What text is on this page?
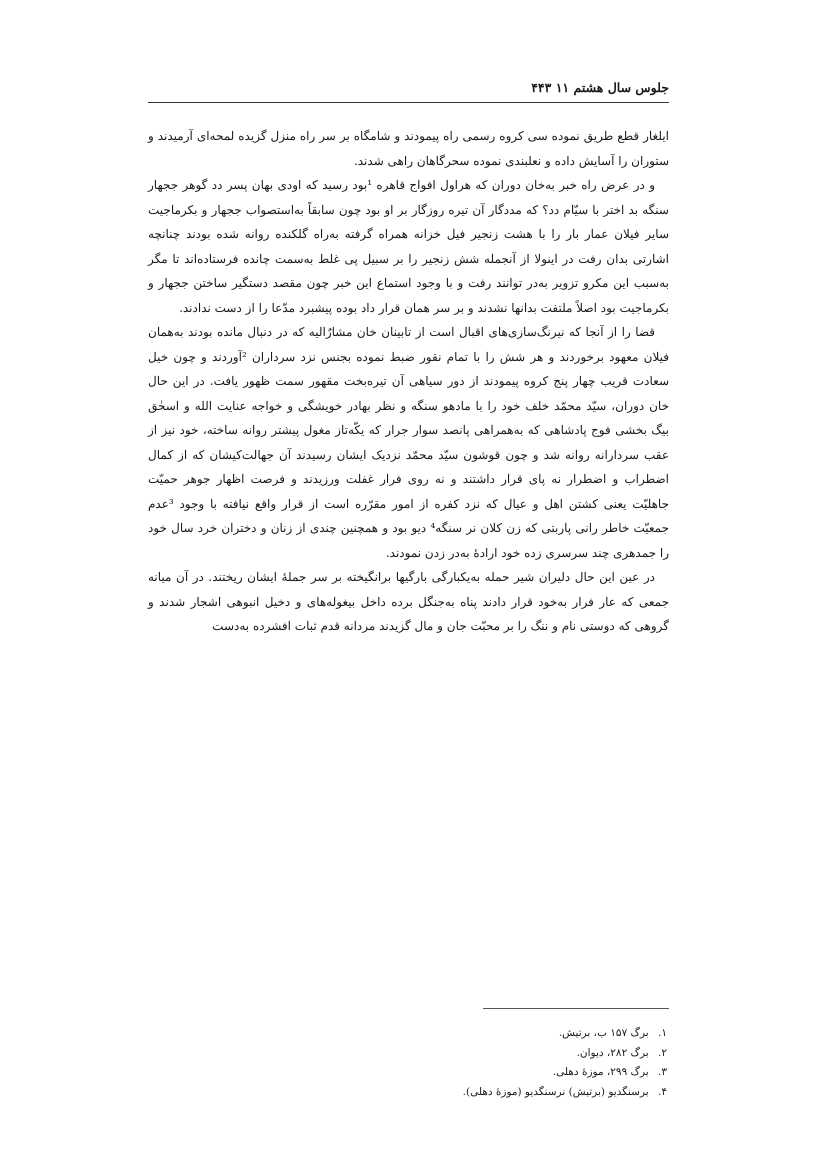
جلوس سال هشتم ۱۱ ۴۴۳

ایلغار قطع طریق نموده سی کروه رسمی راه پیمودند و شامگاه بر سر راه منزل گزیده لمحه‌ای آرمیدند و ستوران را آسایش داده و نعلبندی نموده سحرگاهان راهی شدند.

و در عرض راه خبر به‌خان دوران که هراول افواج قاهره ¹بود رسید که اودی بهان پسر دد گوهر ججهار سنگه بد اختر با سیّام دد؟ که مددگار آن تیره روزگار بر او بود چون سابقاً به‌استصواب ججهار و بکرماجیت سایر فیلان عمار بار را با هشت زنجیر فیل خزانه همراه گرفته به‌راه گلکنده روانه شده بودند چنانچه اشارتی بدان رفت در اینولا از آنجمله شش زنجیر را بر سبیل پی غلط به‌سمت چانده فرستاده‌اند تا مگر به‌سبب این مکرو تزویر به‌در توانند رفت و با وجود استماع این خبر چون مقصد دستگیر ساختن ججهار و بکرماجیت بود اصلاً ملتفت بدانها نشدند و بر سر همان قرار داد بوده پیشبرد مدّعا را از دست ندادند.

قضا را از آنجا که نیرنگ‌سازی‌های اقبال است از تابینان خان مشارٌالیه که در دنبال مانده بودند به‌همان فیلان معهود برخوردند و هر شش را با تمام نقور ضبط نموده بجنس نزد سرداران ²آوردند و چون خیل سعادت قریب چهار پنج کروه پیمودند از دور سیاهی آن تیره‌بخت مقهور سمت ظهور یافت. در این حال خان دوران، سیّد محمّد خلف خود را با مادهو سنگه و نظر بهادر خویشگی و خواجه عنایت الله و اسحٰق بیگ بخشی فوج پادشاهی که به‌همراهی پانصد سوار جرار که یکّه‌تاز مغول پیشتر روانه ساخته، خود نیز از عقب سردارانه روانه شد و چون قوشون سیّد محمّد نزدیک ایشان رسیدند آن جهالت‌کیشان که از کمال اضطراب و اضطرار نه پای قرار داشتند و نه روی فرار غفلت ورزیدند و فرصت اظهار جوهر حمیّت جاهلیّت یعنی کشتن اهل و عیال که نزد کفره از امور مقرّره است از قرار واقع نیافته با وجود ³عدم جمعیّت خاطر رانی پاربتی که زن کلان نر سنگه⁴ دیو بود و همچنین چندی از زنان و دختران خرد سال خود را جمدهری چند سرسری زده خود ارادهٔ به‌در زدن نمودند.

در عین این حال دلیران شیر حمله به‌یکبارگی بارگیها برانگیخته بر سر جملهٔ ایشان ریختند. در آن میانه جمعی که عار فرار به‌خود قرار دادند پناه به‌جنگل برده داخل بیغوله‌های و دخیل انبوهی اشجار شدند و گروهی که دوستی نام و ننگ را بر محبّت جان و مال گزیدند مردانه قدم ثبات افشرده به‌دست

۱. برگ ۱۵۷ ب، برتیش.
۲. برگ ۲۸۲، دیوان.
۳. برگ ۲۹۹، موزهٔ دهلی.
۴. برسنگدیو (برتیش) نرسنگدیو (موزهٔ دهلی).
